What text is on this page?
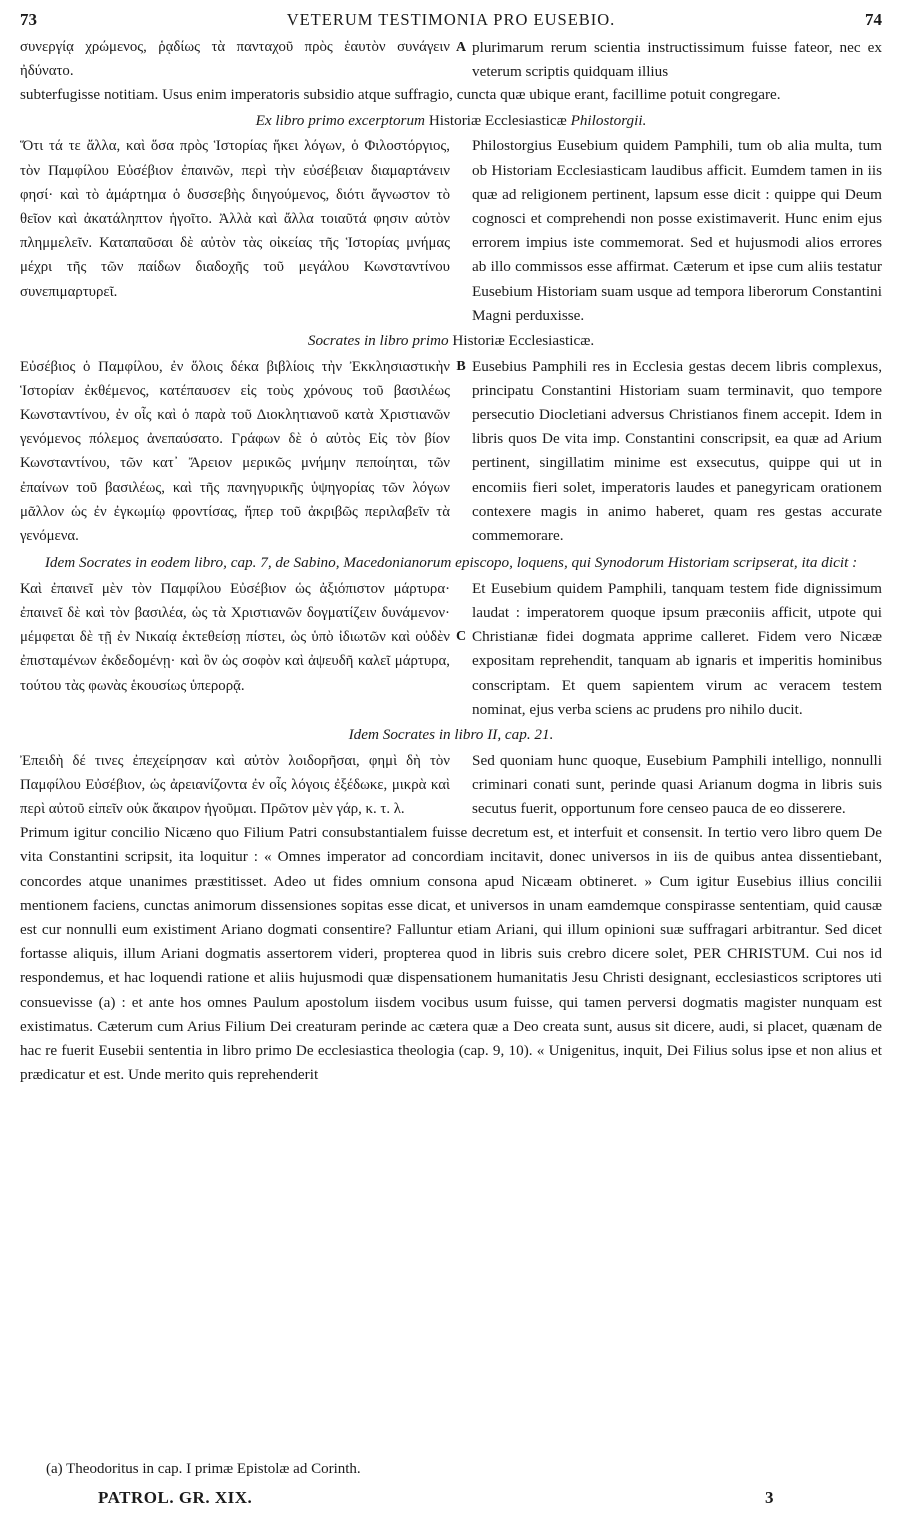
73	VETERUM TESTIMONIA PRO EUSEBIO.	74
συνεργίᾳ χρώμενος, ῥᾳδίως τὰ πανταχοῦ πρὸς ἑαυτὸν συνάγειν ἠδύνατο.
A plurimarum rerum scientia instructissimum fuisse fateor, nec ex veterum scriptis quidquam illius
subterfugisse notitiam. Usus enim imperatoris subsidio atque suffragio, cuncta quæ ubique erant, facillime potuit congregare.
Ex libro primo excerptorum Historiæ Ecclesiasticæ Philostorgii.
Ὅτι τά τε ἄλλα, καὶ ὅσα πρὸς Ἱστορίας ἥκει λόγων, ὁ Φιλοστόργιος, τὸν Παμφίλου Εὐσέβιον ἐπαινῶν, περὶ τὴν εὐσέβειαν διαμαρτάνειν φησί· καὶ τὸ ἁμάρτημα ὁ δυσσεβὴς διηγούμενος, διότι ἄγνωστον τὸ θεῖον καὶ ἀκατάληπτον ἡγοῖτο. Ἀλλὰ καὶ ἄλλα τοιαῦτά φησιν αὐτὸν πλημμελεῖν. Καταπαῦσαι δὲ αὐτὸν τὰς οἰκείας τῆς Ἱστορίας μνήμας μέχρι τῆς τῶν παίδων διαδοχῆς τοῦ μεγάλου Κωνσταντίνου συνεπιμαρτυρεῖ.
Philostorgius Eusebium quidem Pamphili, tum ob alia multa, tum ob Historiam Ecclesiasticam laudibus afficit. Eumdem tamen in iis quæ ad religionem pertinent, lapsum esse dicit : quippe qui Deum cognosci et comprehendi non posse existimaverit. Hunc enim ejus errorem impius iste commemorat. Sed et hujusmodi alios errores ab illo commissos esse affirmat. Cæterum et ipse cum aliis testatur Eusebium Historiam suam usque ad tempora liberorum Constantini Magni perduxisse.
Socrates in libro primo Historiæ Ecclesiasticæ.
Εὐσέβιος ὁ Παμφίλου, ἐν ὅλοις δέκα βιβλίοις τὴν Ἐκκλησιαστικὴν Ἱστορίαν ἐκθέμενος, κατέπαυσεν εἰς τοὺς χρόνους τοῦ βασιλέως Κωνσταντίνου, ἐν οἷς καὶ ὁ παρὰ τοῦ Διοκλητιανοῦ κατὰ Χριστιανῶν γενόμενος πόλεμος ἀνεπαύσατο. Γράφων δὲ ὁ αὐτὸς Εἰς τὸν βίον Κωνσταντίνου, τῶν κατ᾽ Ἄρειον μερικῶς μνήμην πεποίηται, τῶν ἐπαίνων τοῦ βασιλέως, καὶ τῆς πανηγυρικῆς ὑψηγορίας τῶν λόγων μᾶλλον ὡς ἐν ἐγκωμίῳ φροντίσας, ἤπερ τοῦ ἀκριβῶς περιλαβεῖν τὰ γενόμενα.
B Eusebius Pamphili res in Ecclesia gestas decem libris complexus, principatu Constantini Historiam suam terminavit, quo tempore persecutio Diocletiani adversus Christianos finem accepit. Idem in libris quos De vita imp. Constantini conscripsit, ea quæ ad Arium pertinent, singillatim minime est exsecutus, quippe qui ut in encomiis fieri solet, imperatoris laudes et panegyricam orationem contexere magis in animo haberet, quam res gestas accurate commemorare.
Idem Socrates in eodem libro, cap. 7, de Sabino, Macedonianorum episcopo, loquens, qui Synodorum Historiam scripserat, ita dicit :
Καὶ ἐπαινεῖ μὲν τὸν Παμφίλου Εὐσέβιον ὡς ἀξιόπιστον μάρτυρα· ἐπαινεῖ δὲ καὶ τὸν βασιλέα, ὡς τὰ Χριστιανῶν δογματίζειν δυνάμενον· μέμφεται δὲ τῇ ἐν Νικαίᾳ ἐκτεθείσῃ πίστει, ὡς ὑπὸ ἰδιωτῶν καὶ οὐδὲν ἐπισταμένων ἐκδεδομένῃ· καὶ ὃν ὡς σοφὸν καὶ ἀψευδῆ καλεῖ μάρτυρα, τούτου τὰς φωνὰς ἑκουσίως ὑπερορᾷ.
C
Et Eusebium quidem Pamphili, tanquam testem fide dignissimum laudat : imperatorem quoque ipsum præconiis afficit, utpote qui Christianæ fidei dogmata apprime calleret. Fidem vero Nicææ expositam reprehendit, tanquam ab ignaris et imperitis hominibus conscriptam. Et quem sapientem virum ac veracem testem nominat, ejus verba sciens ac prudens pro nihilo ducit.
Idem Socrates in libro II, cap. 21.
Ἐπειδὴ δέ τινες ἐπεχείρησαν καὶ αὐτὸν λοιδορῆσαι, φημὶ δὴ τὸν Παμφίλου Εὐσέβιον, ὡς ἀρειανίζοντα ἐν οἷς λόγοις ἐξέδωκε, μικρὰ καὶ περὶ αὐτοῦ εἰπεῖν οὐκ ἄκαιρον ἡγοῦμαι. Πρῶτον μὲν γάρ, κ. τ. λ.
Sed quoniam hunc quoque, Eusebium Pamphili intelligo, nonnulli criminari conati sunt, perinde quasi Arianum dogma in libris suis secutus fuerit, opportunum fore censeo pauca de eo disserere.
Primum igitur concilio Nicæno quo Filium Patri consubstantialem fuisse decretum est, et interfuit et consensit. In tertio vero libro quem De vita Constantini scripsit, ita loquitur : « Omnes imperator ad concordiam incitavit, donec universos in iis de quibus antea dissentiebant, concordes atque unanimes præstitisset. Adeo ut fides omnium consona apud Nicæam obtineret. » Cum igitur Eusebius illius concilii mentionem faciens, cunctas animorum dissensiones sopitas esse dicat, et universos in unam eamdemque conspirasse sententiam, quid causæ est cur nonnulli eum existiment Ariano dogmati consentire? Falluntur etiam Ariani, qui illum opinioni suæ suffragari arbitrantur. Sed dicet fortasse aliquis, illum Ariani dogmatis assertorem videri, propterea quod in libris suis crebro dicere solet, PER CHRISTUM. Cui nos id respondemus, et hac loquendi ratione et aliis hujusmodi quæ dispensationem humanitatis Jesu Christi designant, ecclesiasticos scriptores uti consuevisse (a) : et ante hos omnes Paulum apostolum iisdem vocibus usum fuisse, qui tamen perversi dogmatis magister nunquam est existimatus. Cæterum cum Arius Filium Dei creaturam perinde ac cætera quæ a Deo creata sunt, ausus sit dicere, audi, si placet, quænam de hac re fuerit Eusebii sententia in libro primo De ecclesiastica theologia (cap. 9, 10). « Unigenitus, inquit, Dei Filius solus ipse et non alius et prædicatur et est. Unde merito quis reprehenderit
(a) Theodoritus in cap. I primæ Epistolæ ad Corinth.
PATROL. GR. XIX.	3
